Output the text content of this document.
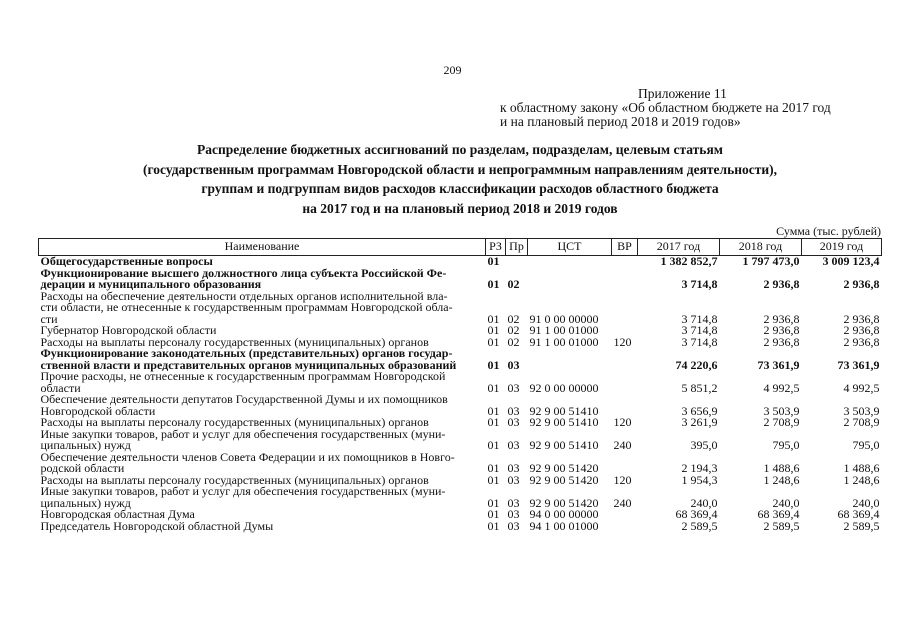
209
Приложение 11
к областному закону «Об областном бюджете на 2017 год
и на плановый период 2018 и 2019 годов»
Распределение бюджетных ассигнований по разделам, подразделам, целевым статьям
(государственным программам Новгородской области и непрограммным направлениям деятельности),
группам и подгруппам видов расходов классификации расходов областного бюджета
на 2017 год и на плановый период 2018 и 2019 годов
Сумма (тыс. рублей)
Наименование	РЗ	Пр	ЦСТ	ВР	2017 год	2018 год	2019 год

Общегосударственные вопросы	01				1 382 852,7	1 797 473,0	3 009 123,4

Функционирование высшего должностного лица субъекта Российской Фе-
дерации и муниципального образования	01	02			3 714,8	2 936,8	2 936,8

Расходы на обеспечение деятельности отдельных органов исполнительной вла-
сти области, не отнесенные к государственным программам Новгородской обла-
сти	01	02	91 0 00 00000		3 714,8	2 936,8	2 936,8

Губернатор Новгородской области	01	02	91 1 00 01000		3 714,8	2 936,8	2 936,8

Расходы на выплаты персоналу государственных (муниципальных) органов	01	02	91 1 00 01000	120	3 714,8	2 936,8	2 936,8

Функционирование законодательных (представительных) органов государ-
ственной власти и представительных органов муниципальных образований	01	03			74 220,6	73 361,9	73 361,9

Прочие расходы, не отнесенные к государственным программам Новгородской
области	01	03	92 0 00 00000		5 851,2	4 992,5	4 992,5

Обеспечение деятельности депутатов Государственной Думы и их помощников
Новгородской области	01	03	92 9 00 51410		3 656,9	3 503,9	3 503,9

Расходы на выплаты персоналу государственных (муниципальных) органов	01	03	92 9 00 51410	120	3 261,9	2 708,9	2 708,9

Иные закупки товаров, работ и услуг для обеспечения государственных (муни-
ципальных) нужд	01	03	92 9 00 51410	240	395,0	795,0	795,0

Обеспечение деятельности членов Совета Федерации и их помощников в Новго-
родской области	01	03	92 9 00 51420		2 194,3	1 488,6	1 488,6

Расходы на выплаты персоналу государственных (муниципальных) органов	01	03	92 9 00 51420	120	1 954,3	1 248,6	1 248,6

Иные закупки товаров, работ и услуг для обеспечения государственных (муни-
ципальных) нужд	01	03	92 9 00 51420	240	240,0	240,0	240,0

Новгородская областная Дума	01	03	94 0 00 00000		68 369,4	68 369,4	68 369,4

Председатель Новгородской областной Думы	01	03	94 1 00 01000		2 589,5	2 589,5	2 589,5
